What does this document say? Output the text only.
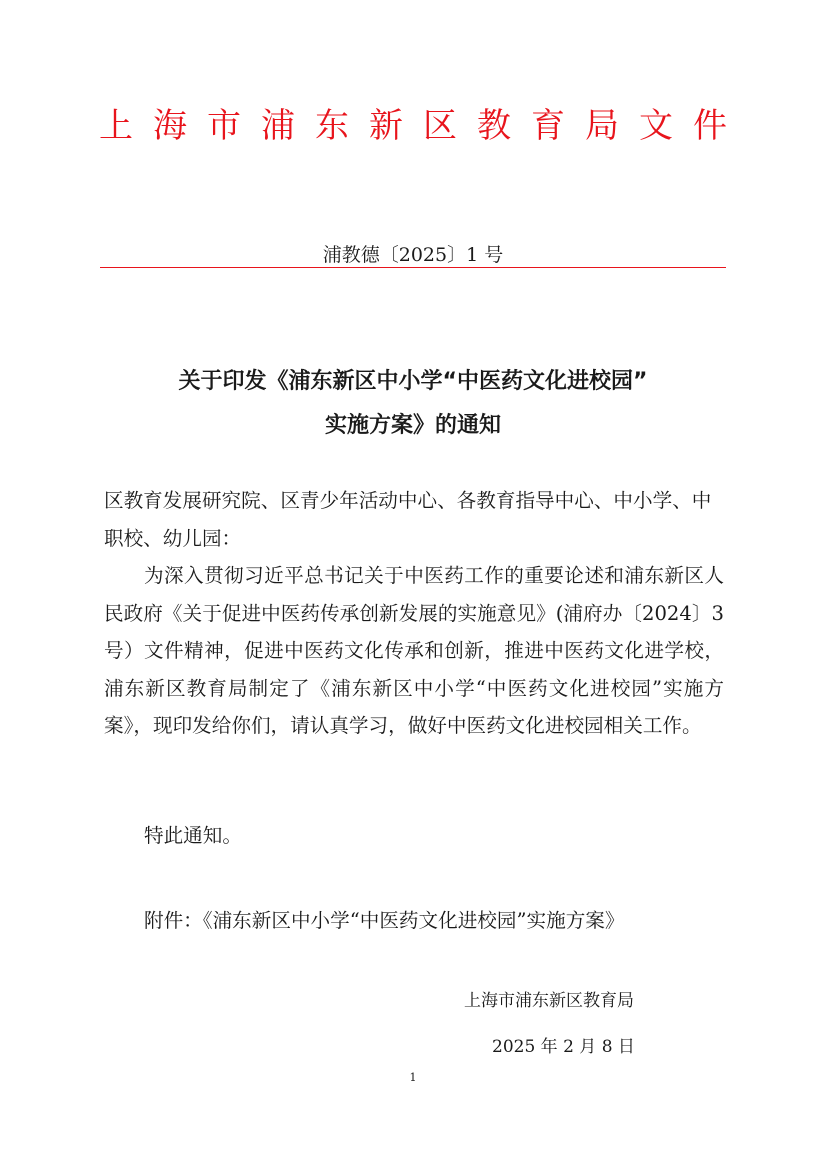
上海市浦东新区教育局文件
浦教德〔2025〕1 号
关于印发《浦东新区中小学“中医药文化进校园”
实施方案》的通知
区教育发展研究院、区青少年活动中心、各教育指导中心、中小学、中职校、幼儿园：
为深入贯彻习近平总书记关于中医药工作的重要论述和浦东新区人民政府《关于促进中医药传承创新发展的实施意见》(浦府办〔2024〕3 号）文件精神，促进中医药文化传承和创新，推进中医药文化进学校，浦东新区教育局制定了《浦东新区中小学“中医药文化进校园”实施方案》，现印发给你们，请认真学习，做好中医药文化进校园相关工作。
特此通知。
附件：《浦东新区中小学“中医药文化进校园”实施方案》
上海市浦东新区教育局
2025 年 2 月 8 日
1
